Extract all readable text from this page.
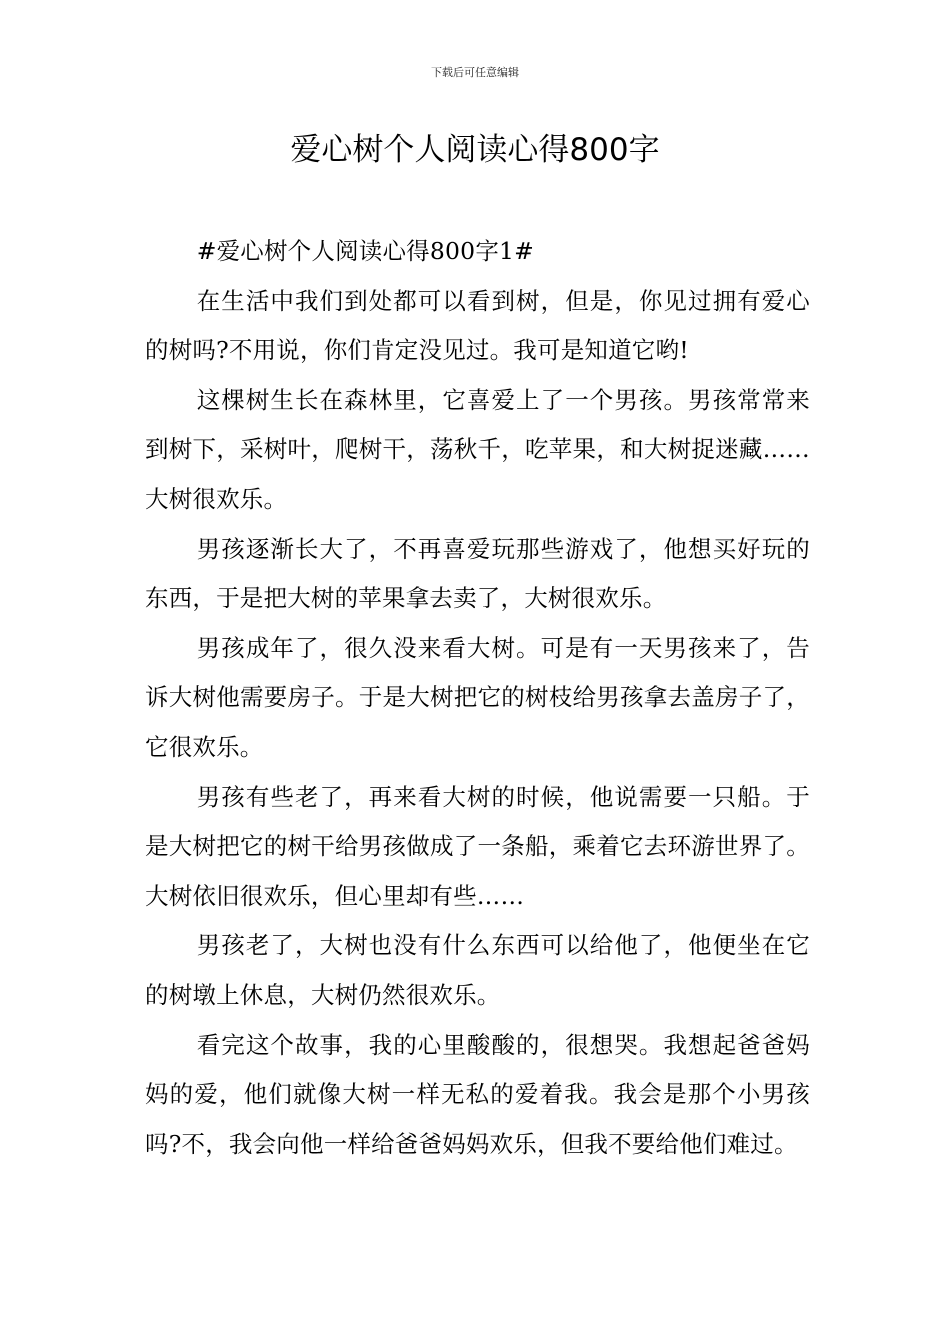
下载后可任意编辑
爱心树个人阅读心得800字

#爱心树个人阅读心得800字1#

在生活中我们到处都可以看到树，但是，你见过拥有爱心的树吗?不用说，你们肯定没见过。我可是知道它哟!

这棵树生长在森林里，它喜爱上了一个男孩。男孩常常来到树下，采树叶，爬树干，荡秋千，吃苹果，和大树捉迷藏……大树很欢乐。

男孩逐渐长大了，不再喜爱玩那些游戏了，他想买好玩的东西，于是把大树的苹果拿去卖了，大树很欢乐。

男孩成年了，很久没来看大树。可是有一天男孩来了，告诉大树他需要房子。于是大树把它的树枝给男孩拿去盖房子了，它很欢乐。

男孩有些老了，再来看大树的时候，他说需要一只船。于是大树把它的树干给男孩做成了一条船，乘着它去环游世界了。大树依旧很欢乐，但心里却有些……

男孩老了，大树也没有什么东西可以给他了，他便坐在它的树墩上休息，大树仍然很欢乐。

看完这个故事，我的心里酸酸的，很想哭。我想起爸爸妈妈的爱，他们就像大树一样无私的爱着我。我会是那个小男孩吗?不，我会向他一样给爸爸妈妈欢乐，但我不要给他们难过。
